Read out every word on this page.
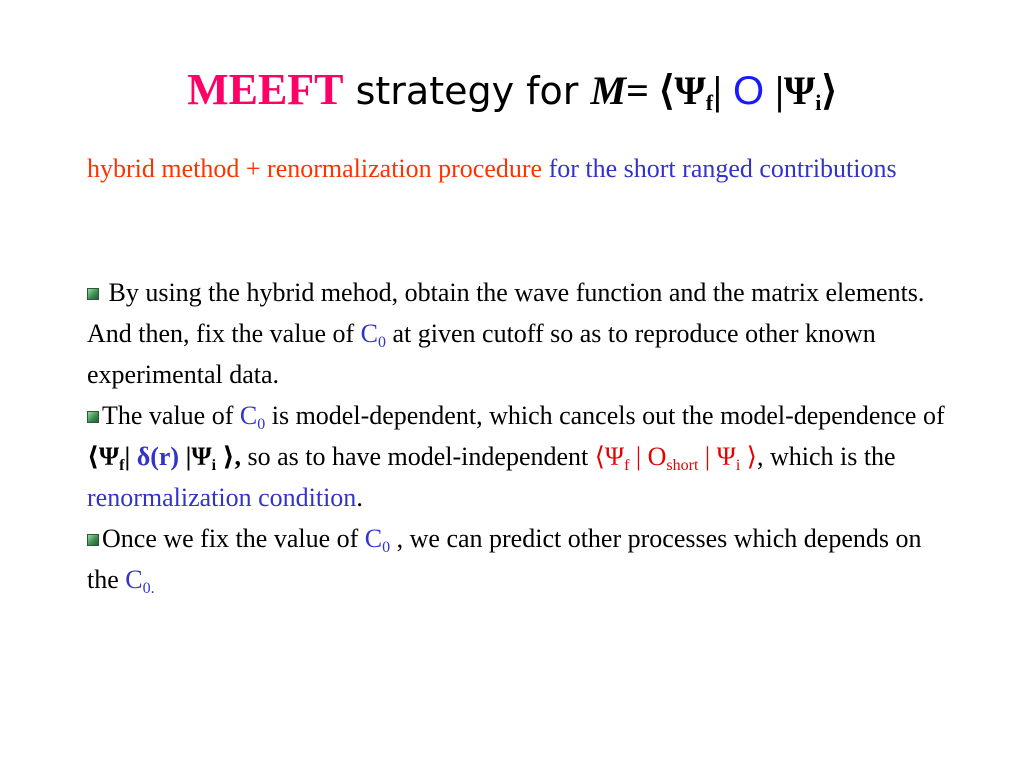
MEEFT strategy for $M= ⟨\Psi_f|$ O $|\Psi_i⟩$
hybrid method + renormalization procedure for the short ranged contributions

By using the hybrid mehod, obtain the wave function and the matrix elements. And then, fix the value of $C_0$ at given cutoff so as to reproduce other known experimental data.

The value of $C_0$ is model-dependent, which cancels out the model-dependence of $⟨\Psi_f|$ δ(r) $|\Psi_i$ ⟩, so as to have model-independent $⟨\Psi_f$ | $O_{short}$ | $\Psi_i$ ⟩, which is the renormalization condition.

Once we fix the value of $C_0$ , we can predict other processes which depends on the $C_{0.}$
